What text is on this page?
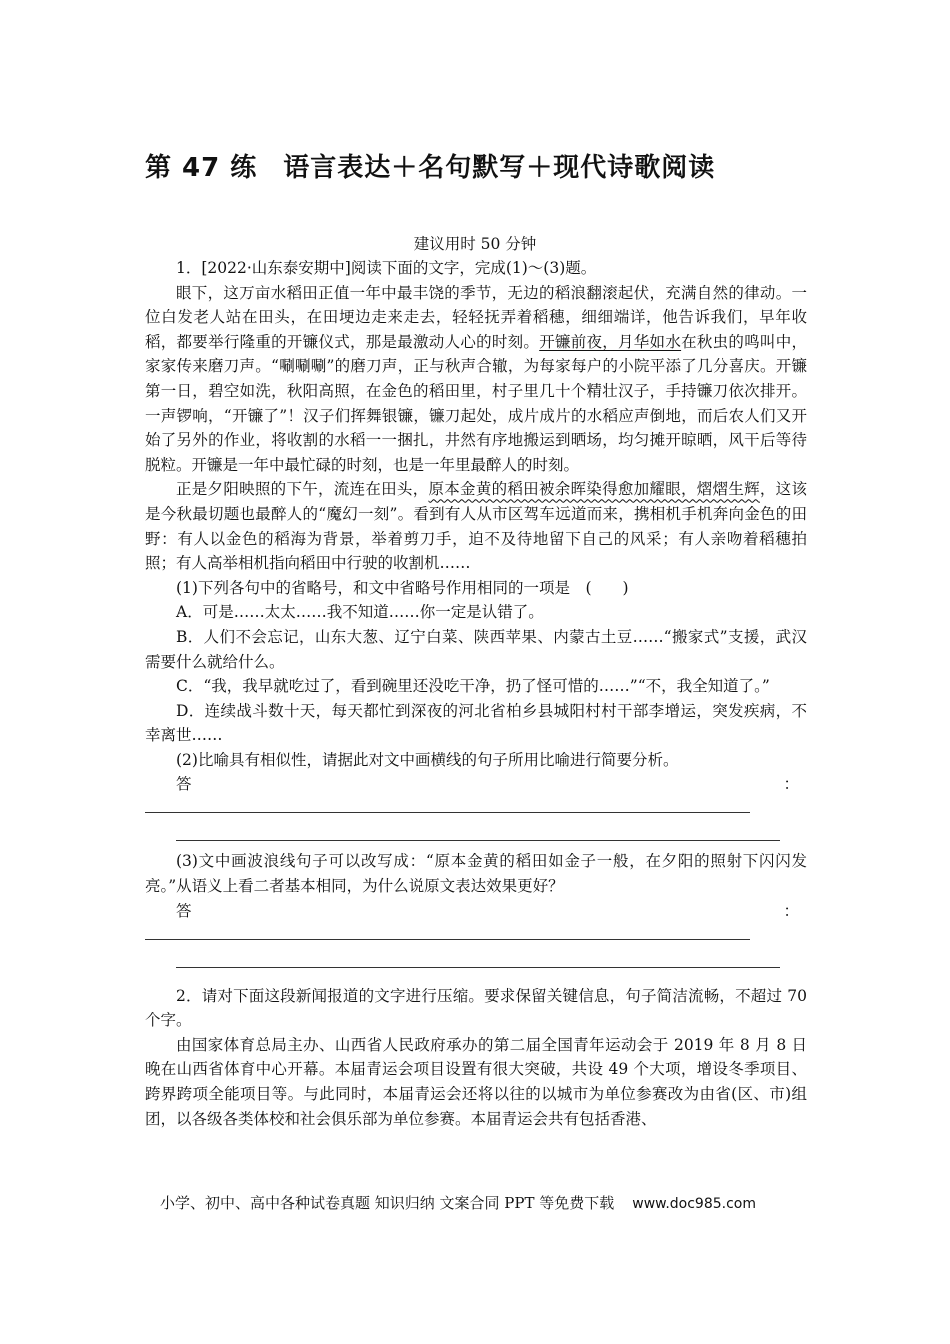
第 47 练 语言表达＋名句默写＋现代诗歌阅读
建议用时 50 分钟

1．[2022·山东泰安期中]阅读下面的文字，完成(1)～(3)题。

眼下，这万亩水稻田正值一年中最丰饶的季节，无边的稻浪翻滚起伏，充满自然的律动。一位白发老人站在田头，在田埂边走来走去，轻轻抚弄着稻穗，细细端详，他告诉我们，早年收稻，都要举行隆重的开镰仪式，那是最激动人心的时刻。开镰前夜，月华如水在秋虫的鸣叫中，家家传来磨刀声。“唰唰唰”的磨刀声，正与秋声合辙，为每家每户的小院平添了几分喜庆。开镰第一日，碧空如洗，秋阳高照，在金色的稻田里，村子里几十个精壮汉子，手持镰刀依次排开。一声锣响，“开镰了”！汉子们挥舞银镰，镰刀起处，成片成片的水稻应声倒地，而后农人们又开始了另外的作业，将收割的水稻一一捆扎，井然有序地搬运到晒场，均匀摊开晾晒，风干后等待脱粒。开镰是一年中最忙碌的时刻，也是一年里最醉人的时刻。

正是夕阳映照的下午，流连在田头，原本金黄的稻田被余晖染得愈加耀眼，熠熠生辉，这该是今秋最切题也最醉人的“魔幻一刻”。看到有人从市区驾车远道而来，携相机手机奔向金色的田野：有人以金色的稻海为背景，举着剪刀手，迫不及待地留下自己的风采；有人亲吻着稻穗拍照；有人高举相机指向稻田中行驶的收割机……

(1)下列各句中的省略号，和文中省略号作用相同的一项是　(　　)

A．可是……太太……我不知道……你一定是认错了。

B．人们不会忘记，山东大葱、辽宁白菜、陕西苹果、内蒙古土豆……“搬家式”支援，武汉需要什么就给什么。

C．“我，我早就吃过了，看到碗里还没吃干净，扔了怪可惜的……”“不，我全知道了。”

D．连续战斗数十天，每天都忙到深夜的河北省柏乡县城阳村村干部李增运，突发疾病，不幸离世……

(2)比喻具有相似性，请据此对文中画横线的句子所用比喻进行简要分析。

答	：

(3)文中画波浪线句子可以改写成：“原本金黄的稻田如金子一般，在夕阳的照射下闪闪发亮。”从语义上看二者基本相同，为什么说原文表达效果更好？

答	：

2．请对下面这段新闻报道的文字进行压缩。要求保留关键信息，句子简洁流畅，不超过 70 个字。

由国家体育总局主办、山西省人民政府承办的第二届全国青年运动会于 2019 年 8 月 8 日晚在山西省体育中心开幕。本届青运会项目设置有很大突破，共设 49 个大项，增设冬季项目、跨界跨项全能项目等。与此同时，本届青运会还将以往的以城市为单位参赛改为由省(区、市)组团，以各级各类体校和社会俱乐部为单位参赛。本届青运会共有包括香港、

小学、初中、高中各种试卷真题 知识归纳 文案合同 PPT 等免费下载 www.doc985.com
